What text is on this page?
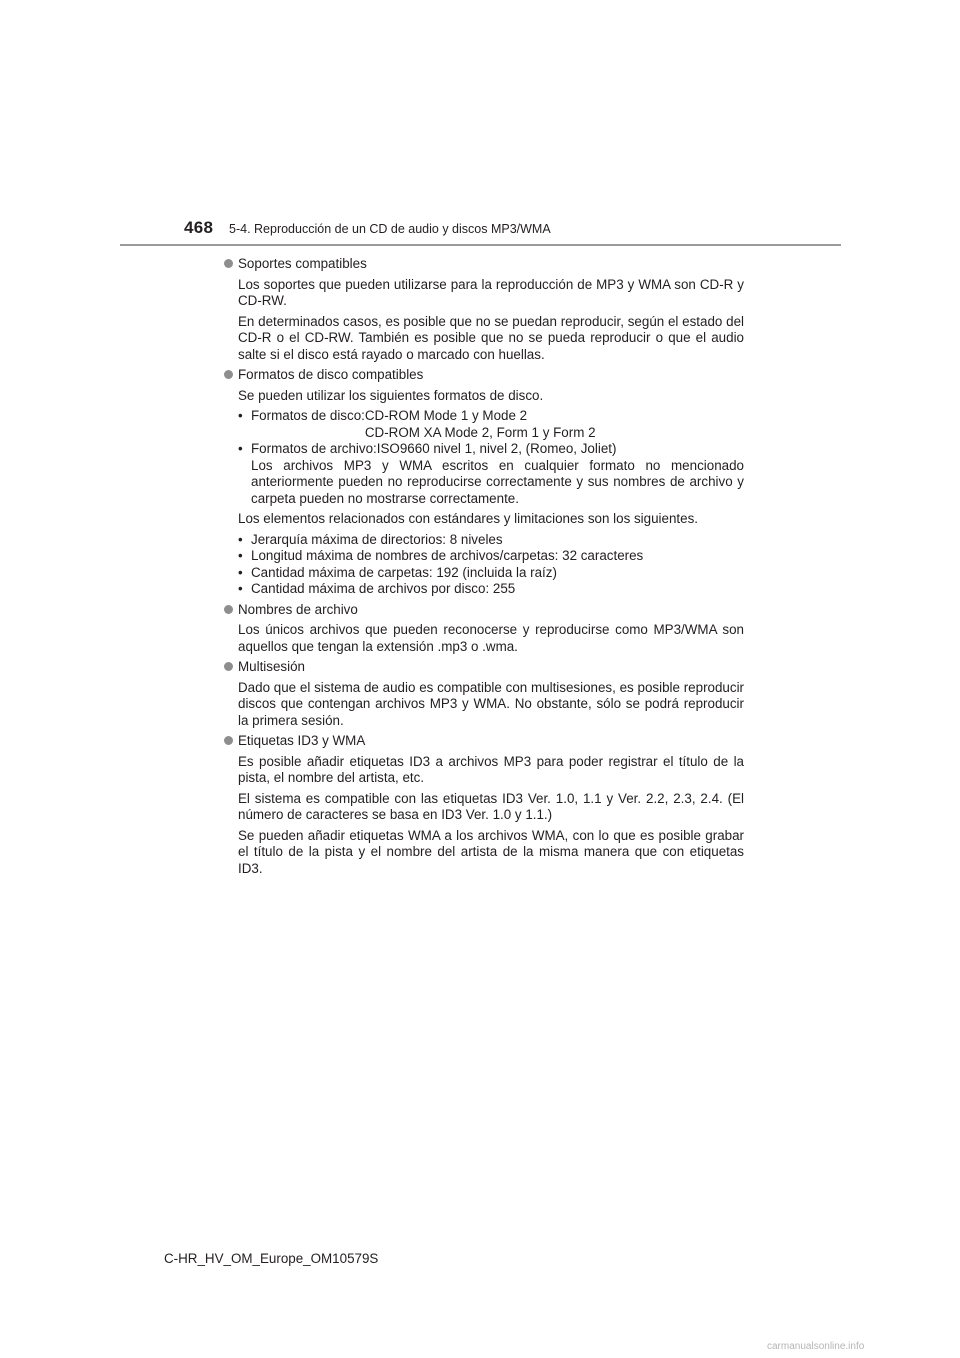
468 5-4. Reproducción de un CD de audio y discos MP3/WMA
Soportes compatibles

Los soportes que pueden utilizarse para la reproducción de MP3 y WMA son CD-R y CD-RW.

En determinados casos, es posible que no se puedan reproducir, según el estado del CD-R o el CD-RW. También es posible que no se pueda reproducir o que el audio salte si el disco está rayado o marcado con huellas.

Formatos de disco compatibles

Se pueden utilizar los siguientes formatos de disco.

• Formatos de disco: CD-ROM Mode 1 y Mode 2
CD-ROM XA Mode 2, Form 1 y Form 2
• Formatos de archivo:ISO9660 nivel 1, nivel 2, (Romeo, Joliet)
Los archivos MP3 y WMA escritos en cualquier formato no mencionado anteriormente pueden no reproducirse correctamente y sus nombres de archivo y carpeta pueden no mostrarse correctamente.

Los elementos relacionados con estándares y limitaciones son los siguientes.

• Jerarquía máxima de directorios: 8 niveles
• Longitud máxima de nombres de archivos/carpetas: 32 caracteres
• Cantidad máxima de carpetas: 192 (incluida la raíz)
• Cantidad máxima de archivos por disco: 255
Nombres de archivo

Los únicos archivos que pueden reconocerse y reproducirse como MP3/WMA son aquellos que tengan la extensión .mp3 o .wma.

Multisesión

Dado que el sistema de audio es compatible con multisesiones, es posible reproducir discos que contengan archivos MP3 y WMA. No obstante, sólo se podrá reproducir la primera sesión.

Etiquetas ID3 y WMA

Es posible añadir etiquetas ID3 a archivos MP3 para poder registrar el título de la pista, el nombre del artista, etc.

El sistema es compatible con las etiquetas ID3 Ver. 1.0, 1.1 y Ver. 2.2, 2.3, 2.4. (El número de caracteres se basa en ID3 Ver. 1.0 y 1.1.)

Se pueden añadir etiquetas WMA a los archivos WMA, con lo que es posible grabar el título de la pista y el nombre del artista de la misma manera que con etiquetas ID3.

C-HR_HV_OM_Europe_OM10579S
carmanualsonline.info
